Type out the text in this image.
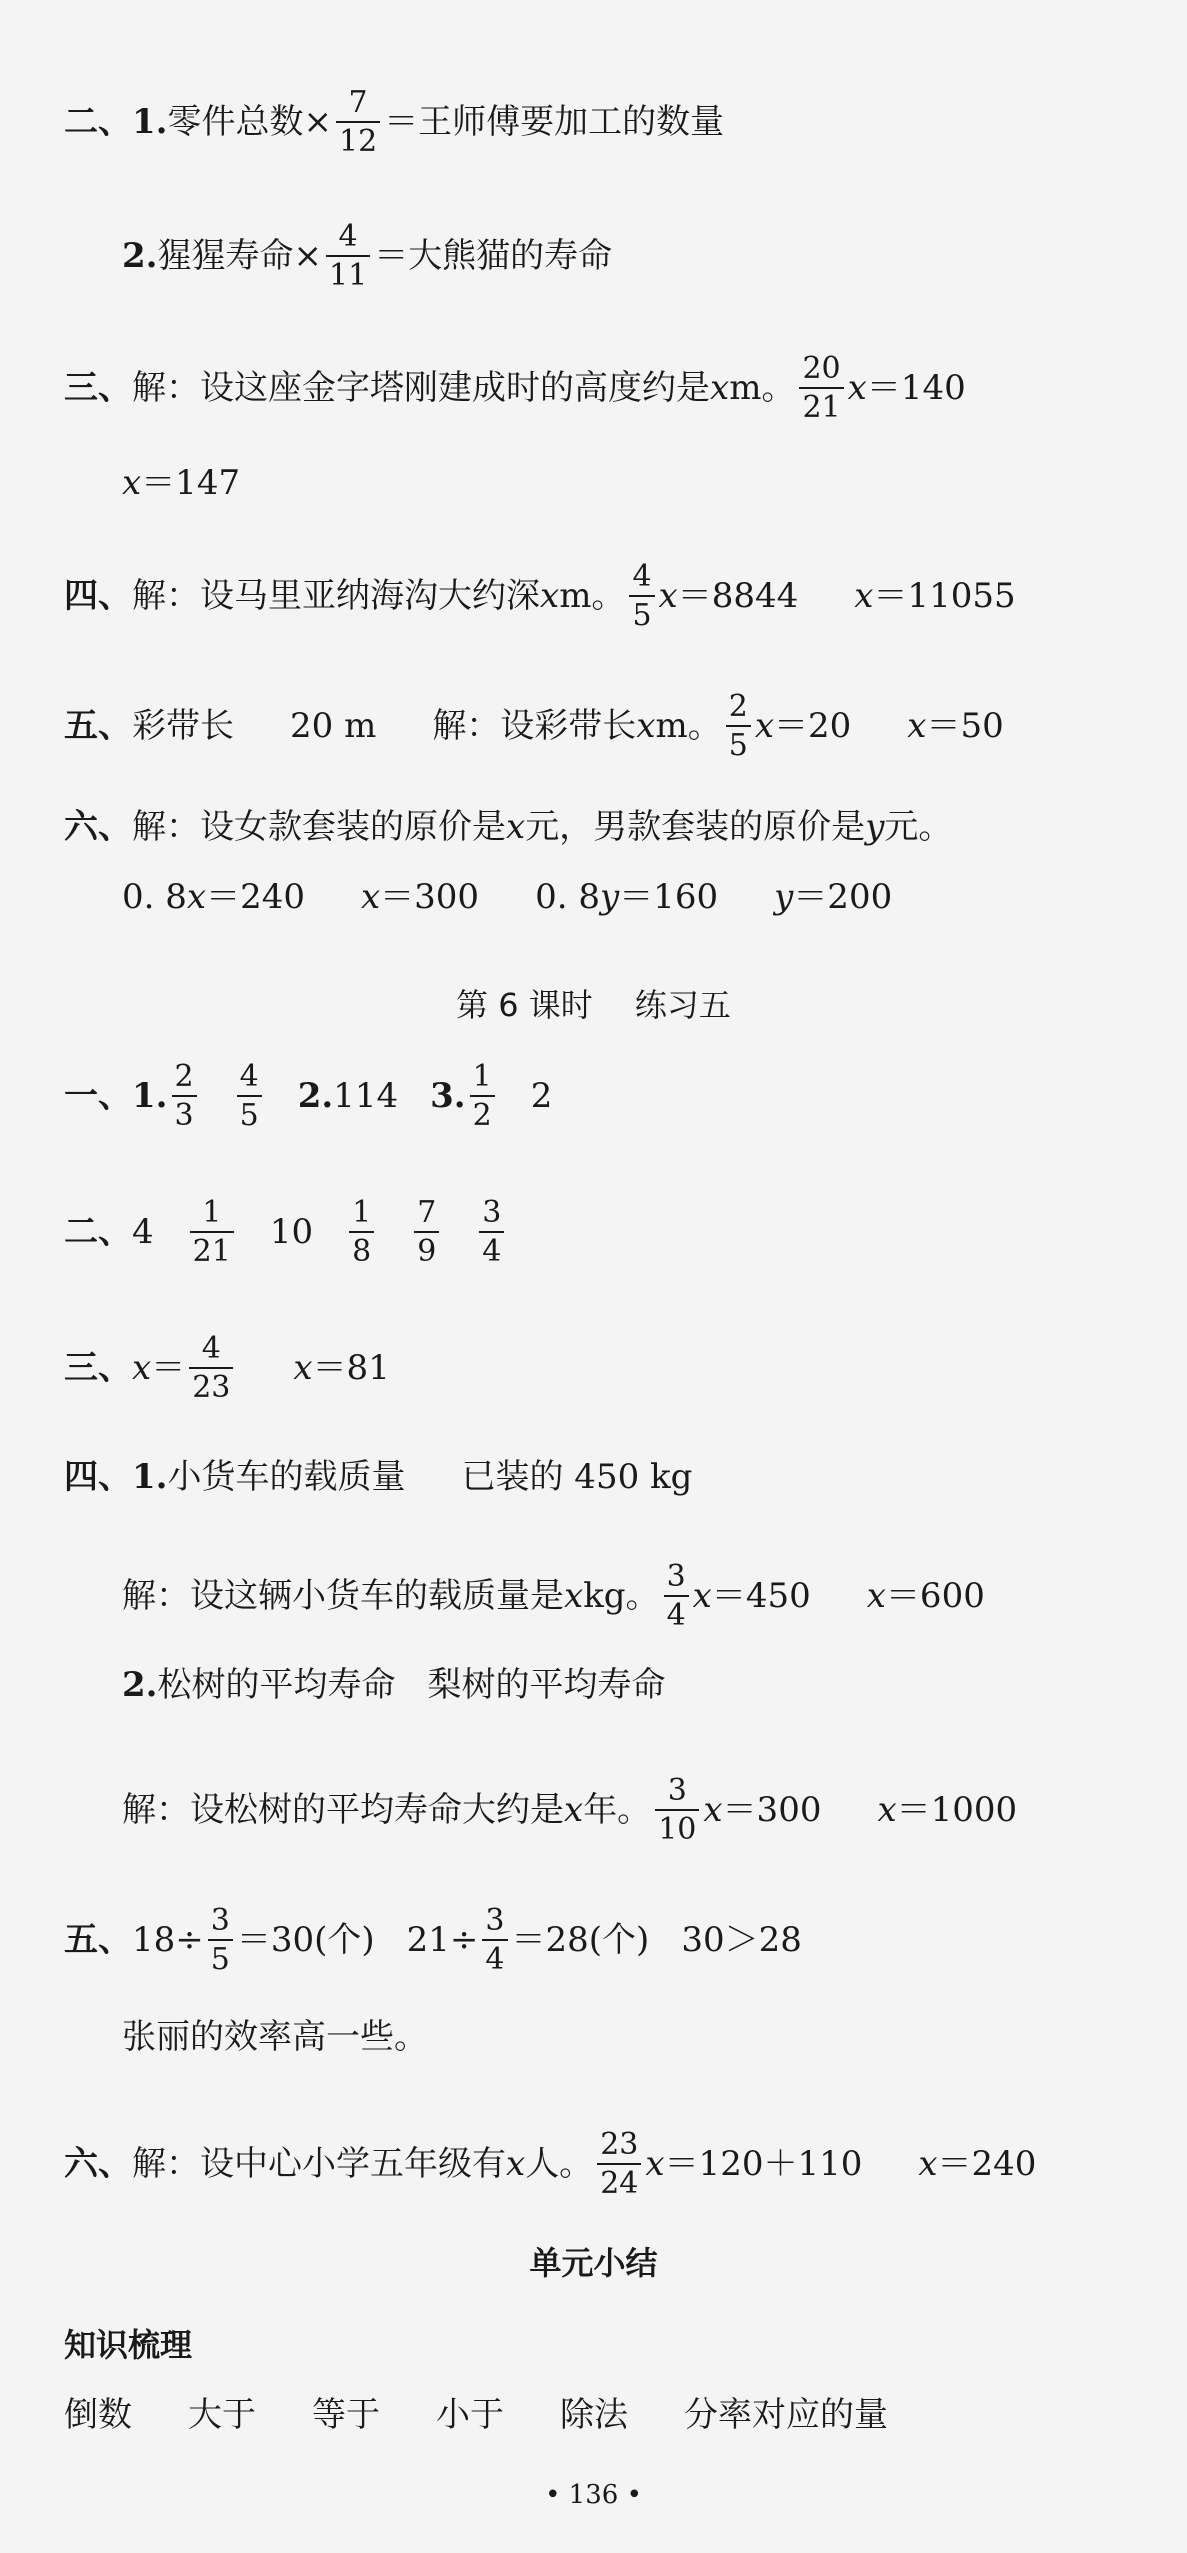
二、 1. 零件总数× $\frac{7}{12}$ ＝王师傅要加工的数量
2. 猩猩寿命× $\frac{4}{11}$ ＝大熊猫的寿命
三、 解：设这座金字塔刚建成时的高度约是 x m。 $\frac{20}{21}$ x ＝140
x ＝147
四、 解：设马里亚纳海沟大约深 x m。 $\frac{4}{5}$ x ＝8844 x ＝11055
五、 彩带长 20 m 解：设彩带长 x m。 $\frac{2}{5}$ x ＝20 x ＝50
六、 解：设女款套装的原价是 x 元，男款套装的原价是 y 元。
0. 8 x ＝240 x ＝300 0. 8 y ＝160 y ＝200
第 6 课时　 练习五
一、 1. $\frac{2}{3} \frac{4}{5} 2$. 114 3. $\frac{1}{2} 2$
二、 $4 \frac{1}{21} 10 \frac{1}{8} \frac{7}{9} \frac{3}{4}$
三、 $x = \frac{4}{23}$ x ＝81
四、 1. 小货车的载质量 已装的 450 kg
解：设这辆小货车的载质量是 x kg。 $\frac{3}{4}$ x ＝450 x ＝600
2. 松树的平均寿命 梨树的平均寿命
解：设松树的平均寿命大约是 x 年。 $\frac{3}{10}$ x ＝300 x ＝1000
五、 $18\div \frac{3}{5} =30$(个) $21\div \frac{3}{4} =28$(个) 30＞28
张丽的效率高一些。
六、 解：设中心小学五年级有 x 人。 $\frac{23}{24}$ x ＝120＋110 x ＝240
单元小结
知识梳理
倒数 大于 等于 小于 除法 分率对应的量
• 136 •
